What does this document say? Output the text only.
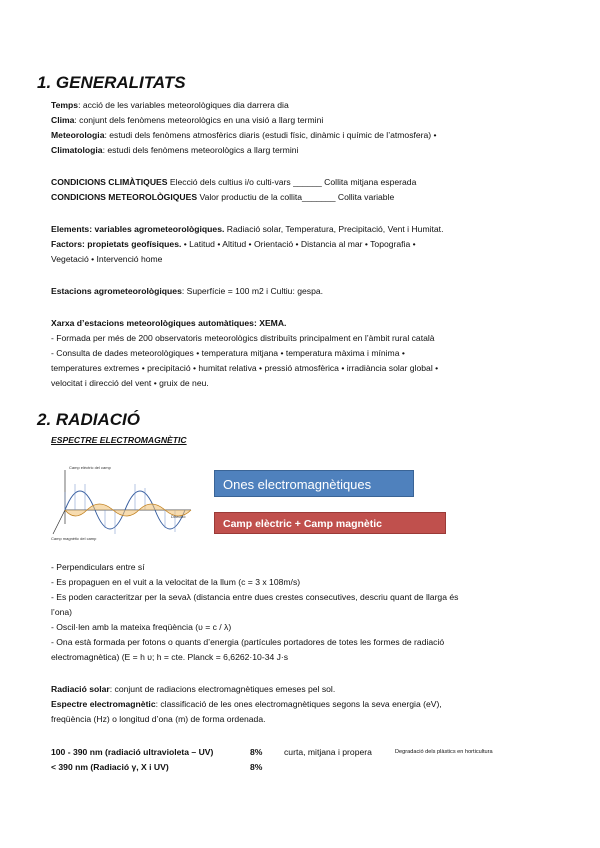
1. GENERALITATS
Temps: acció de les variables meteorològiques dia darrera dia
Clima: conjunt dels fenòmens meteorològics en una visió a llarg termini
Meteorologia: estudi dels fenòmens atmosfèrics diaris (estudi físic, dinàmic i químic de l’atmosfera) •
Climatologia: estudi dels fenòmens meteorològics a llarg termini
CONDICIONS CLIMÀTIQUES Elecció dels cultius i/o culti-vars ______ Collita mitjana esperada
CONDICIONS METEOROLÒGIQUES Valor productiu de la collita_______ Collita variable
Elements: variables agrometeorològiques. Radiació solar, Temperatura, Precipitació, Vent i Humitat.
Factors: propietats geofísiques. • Latitud • Altitud • Orientació • Distancia al mar • Topografia •
Vegetació • Intervenció home
Estacions agrometeorològiques: Superfície = 100 m2 i Cultiu: gespa.
Xarxa d’estacions meteorològiques automàtiques: XEMA.
- Formada per més de 200 observatoris meteorològics distribuïts principalment en l’àmbit rural català
- Consulta de dades meteorològiques • temperatura mitjana • temperatura màxima i mínima •
temperatures extremes • precipitació • humitat relativa • pressió atmosfèrica • irradiància solar global •
velocitat i direcció del vent • gruix de neu.
2. RADIACIÓ
ESPECTRE ELECTROMAGNÈTIC
Camp elèctric del camp
Camp magnètic del camp
Direcció
Ones electromagnètiques
Camp elèctric + Camp magnètic
- Perpendiculars entre sí
- Es propaguen en el vuit a la velocitat de la llum (c = 3 x 108m/s)
- Es poden caracteritzar per la sevaλ (distancia entre dues crestes consecutives, descriu quant de llarga és
l’ona)
- Oscil·len amb la mateixa freqüència (υ = c / λ)
- Ona està formada per fotons o quants d’energia (partícules portadores de totes les formes de radiació
electromagnètica) (E = h υ; h = cte. Planck = 6,6262·10-34 J·s
Radiació solar: conjunt de radiacions electromagnètiques emeses pel sol.
Espectre electromagnètic: classificació de les ones electromagnètiques segons la seva energia (eV),
freqüència (Hz) o longitud d’ona (m) de forma ordenada.
100 - 390 nm (radiació ultravioleta – UV)	8%	curta, mitjana i propera	Degradació dels plàstics en horticultura
< 390 nm (Radiació γ, X i UV)	8%
